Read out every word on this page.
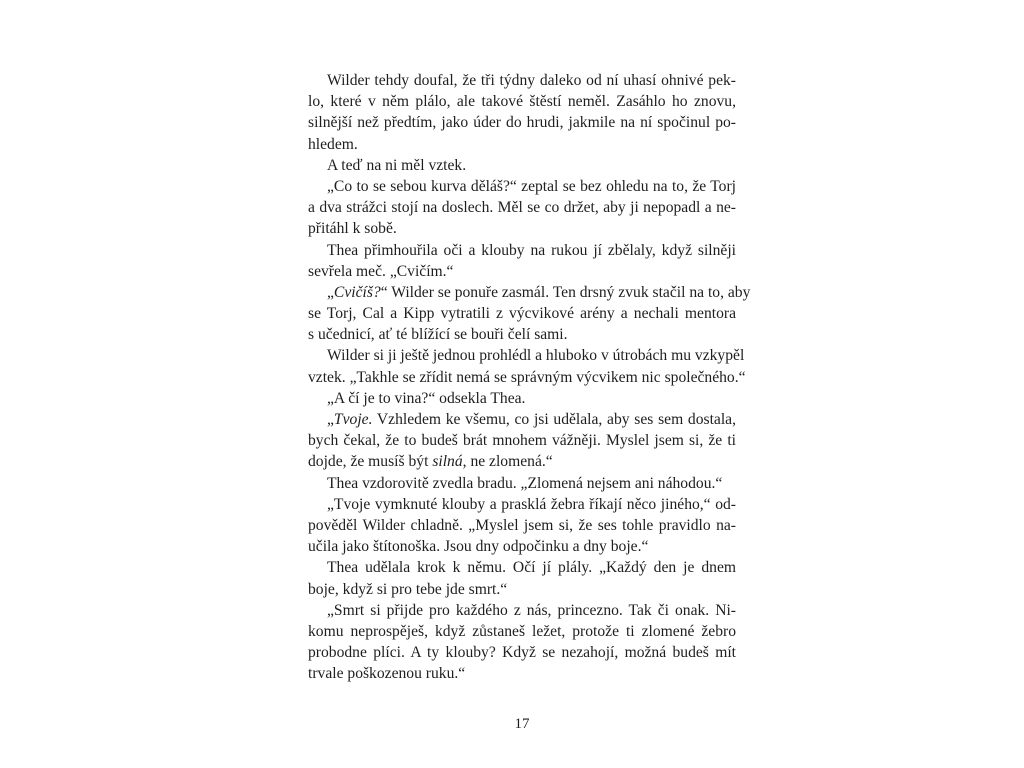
Wilder tehdy doufal, že tři týdny daleko od ní uhasí ohnivé pek-
lo, které v něm plálo, ale takové štěstí neměl. Zasáhlo ho znovu,
silnější než předtím, jako úder do hrudi, jakmile na ní spočinul po-
hledem.
A teď na ni měl vztek.
„Co to se sebou kurva děláš?“ zeptal se bez ohledu na to, že Torj
a dva strážci stojí na doslech. Měl se co držet, aby ji nepopadl a ne-
přitáhl k sobě.
Thea přimhouřila oči a klouby na rukou jí zbělaly, když silněji
sevřela meč. „Cvičím.“
„Cvičíš?“ Wilder se ponuře zasmál. Ten drsný zvuk stačil na to, aby
se Torj, Cal a Kipp vytratili z výcvikové arény a nechali mentora
s učednicí, ať té blížící se bouři čelí sami.
Wilder si ji ještě jednou prohlédl a hluboko v útrobách mu vzkypěl
vztek. „Takhle se zřídit nemá se správným výcvikem nic společného.“
„A čí je to vina?“ odsekla Thea.
„Tvoje. Vzhledem ke všemu, co jsi udělala, aby ses sem dostala,
bych čekal, že to budeš brát mnohem vážněji. Myslel jsem si, že ti
dojde, že musíš být silná, ne zlomená.“
Thea vzdorovitě zvedla bradu. „Zlomená nejsem ani náhodou.“
„Tvoje vymknuté klouby a prasklá žebra říkají něco jiného,“ od-
pověděl Wilder chladně. „Myslel jsem si, že ses tohle pravidlo na-
učila jako štítonoška. Jsou dny odpočinku a dny boje.“
Thea udělala krok k němu. Očí jí plály. „Každý den je dnem
boje, když si pro tebe jde smrt.“
„Smrt si přijde pro každého z nás, princezno. Tak či onak. Ni-
komu neprospěješ, když zůstaneš ležet, protože ti zlomené žebro
probodne plíci. A ty klouby? Když se nezahojí, možná budeš mít
trvale poškozenou ruku.“
17
